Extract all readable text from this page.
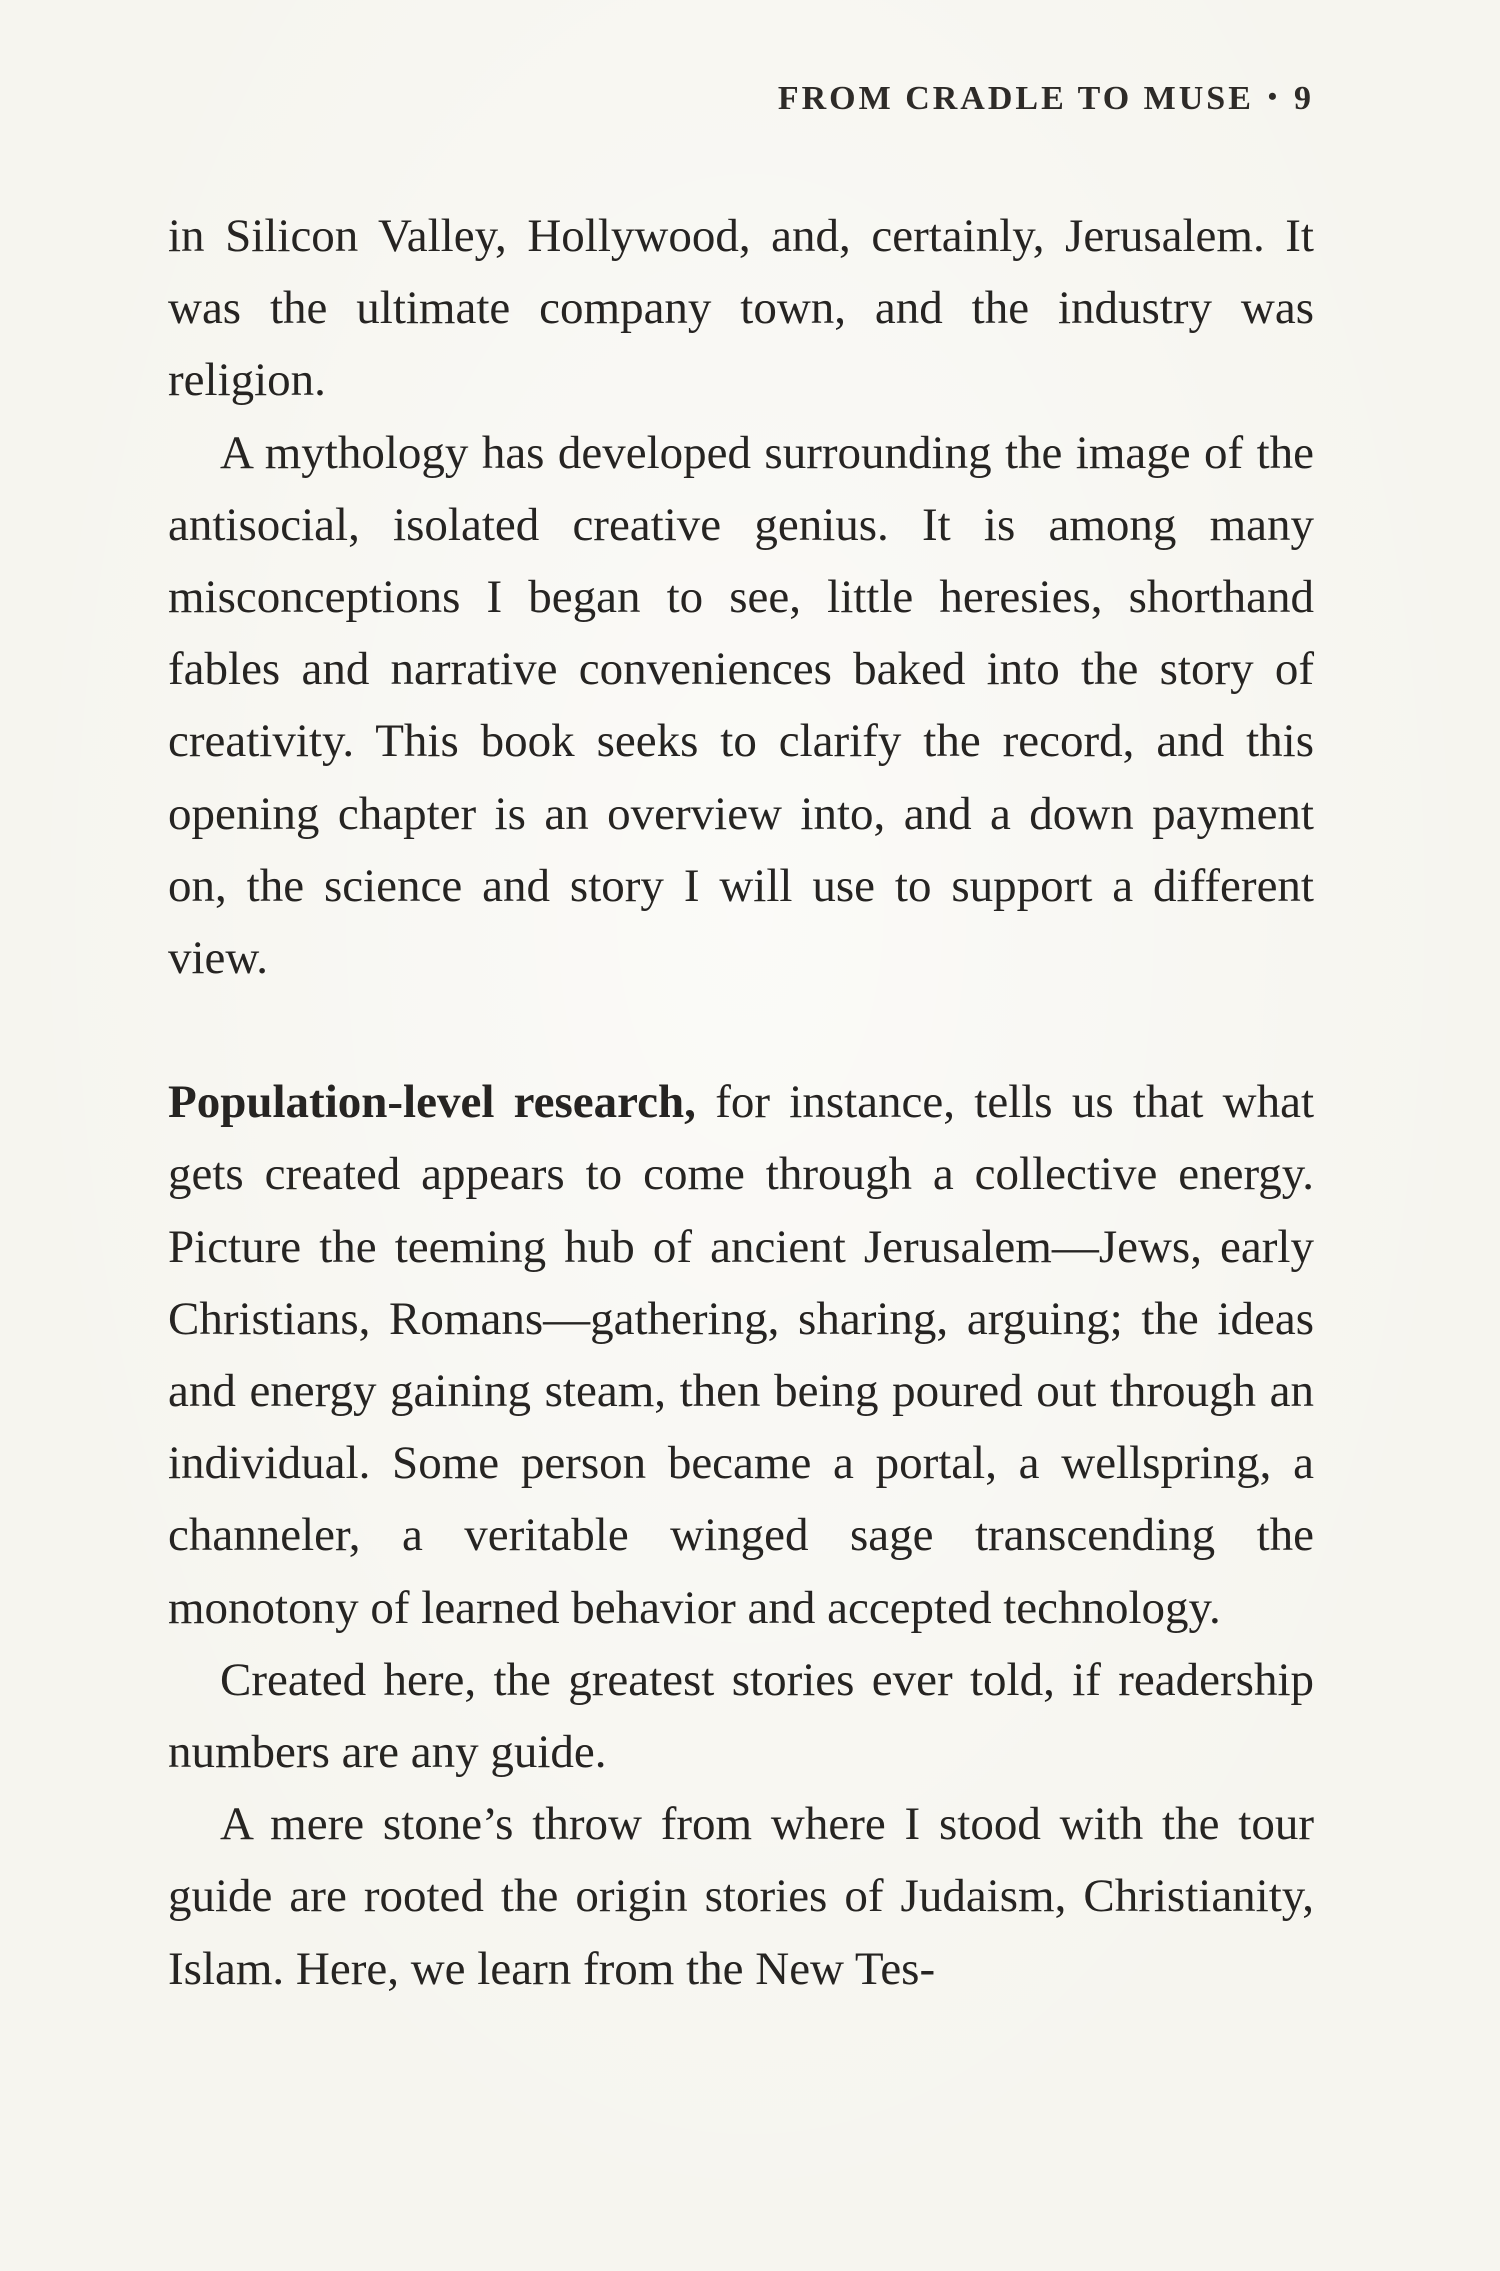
FROM CRADLE TO MUSE • 9

in Silicon Valley, Hollywood, and, certainly, Jerusalem. It was the ultimate company town, and the industry was religion.

A mythology has developed surrounding the image of the antisocial, isolated creative genius. It is among many misconceptions I began to see, little heresies, shorthand fables and narrative conveniences baked into the story of creativity. This book seeks to clarify the record, and this opening chapter is an overview into, and a down payment on, the science and story I will use to support a different view.

Population-level research, for instance, tells us that what gets created appears to come through a collective energy. Picture the teeming hub of ancient Jerusalem—Jews, early Christians, Romans—gathering, sharing, arguing; the ideas and energy gaining steam, then being poured out through an individual. Some person became a portal, a wellspring, a channeler, a veritable winged sage transcending the monotony of learned behavior and accepted technology.

Created here, the greatest stories ever told, if readership numbers are any guide.

A mere stone’s throw from where I stood with the tour guide are rooted the origin stories of Judaism, Christianity, Islam. Here, we learn from the New Tes-
